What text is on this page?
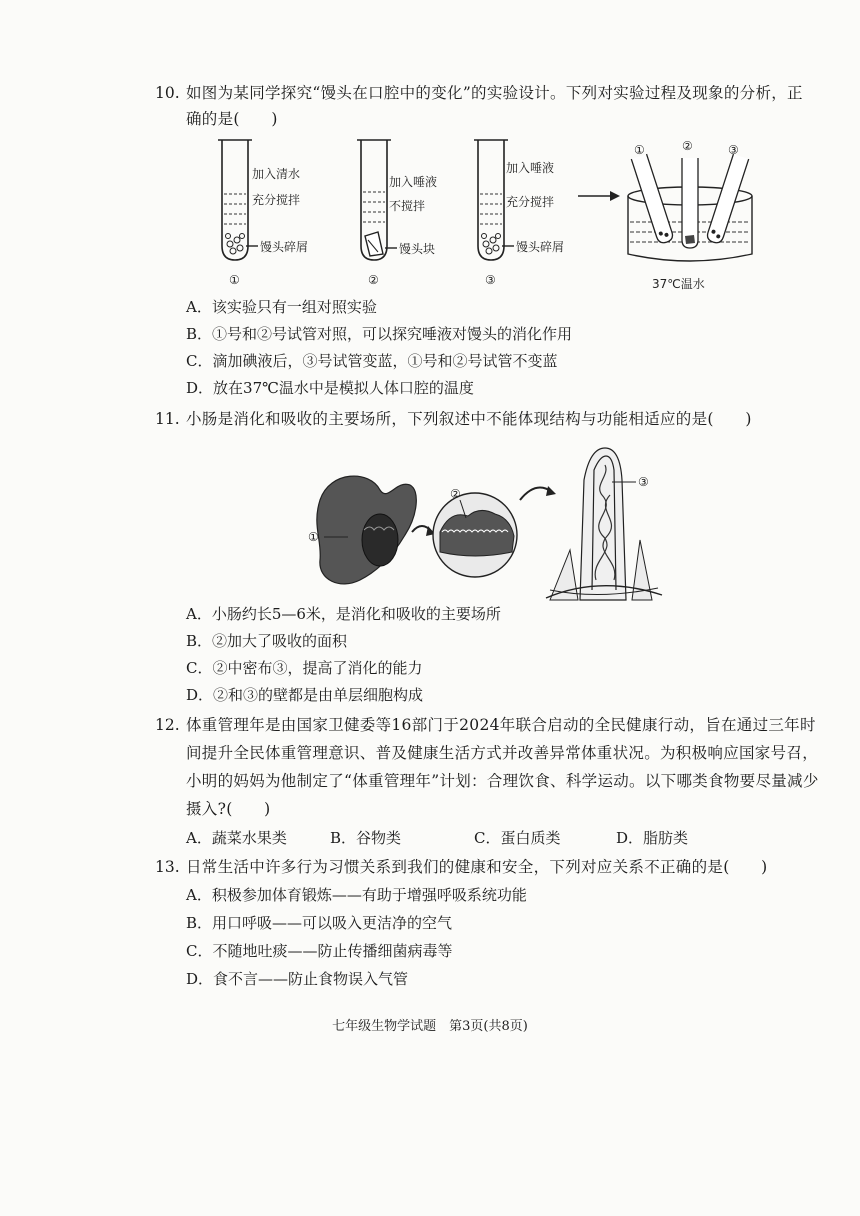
10. 如图为某同学探究“馒头在口腔中的变化”的实验设计。下列对实验过程及现象的分析，正
确的是(　　)
加入清水
充分搅拌
馒头碎屑
①
加入唾液
不搅拌
馒头块
②
加入唾液
充分搅拌
馒头碎屑
③
①	②	③
37℃温水
A．该实验只有一组对照实验
B．①号和②号试管对照，可以探究唾液对馒头的消化作用
C．滴加碘液后，③号试管变蓝，①号和②号试管不变蓝
D．放在37℃温水中是模拟人体口腔的温度
11. 小肠是消化和吸收的主要场所，下列叙述中不能体现结构与功能相适应的是(　　)
①
②
③
A．小肠约长5—6米，是消化和吸收的主要场所
B．②加大了吸收的面积
C．②中密布③，提高了消化的能力
D．②和③的壁都是由单层细胞构成
12. 体重管理年是由国家卫健委等16部门于2024年联合启动的全民健康行动，旨在通过三年时
间提升全民体重管理意识、普及健康生活方式并改善异常体重状况。为积极响应国家号召，
小明的妈妈为他制定了“体重管理年”计划：合理饮食、科学运动。以下哪类食物要尽量减少
摄入?(　　)
A．蔬菜水果类	B．谷物类	C．蛋白质类	D．脂肪类
13. 日常生活中许多行为习惯关系到我们的健康和安全，下列对应关系不正确的是(　　)
A．积极参加体育锻炼——有助于增强呼吸系统功能
B．用口呼吸——可以吸入更洁净的空气
C．不随地吐痰——防止传播细菌病毒等
D．食不言——防止食物误入气管
七年级生物学试题　第3页(共8页)
